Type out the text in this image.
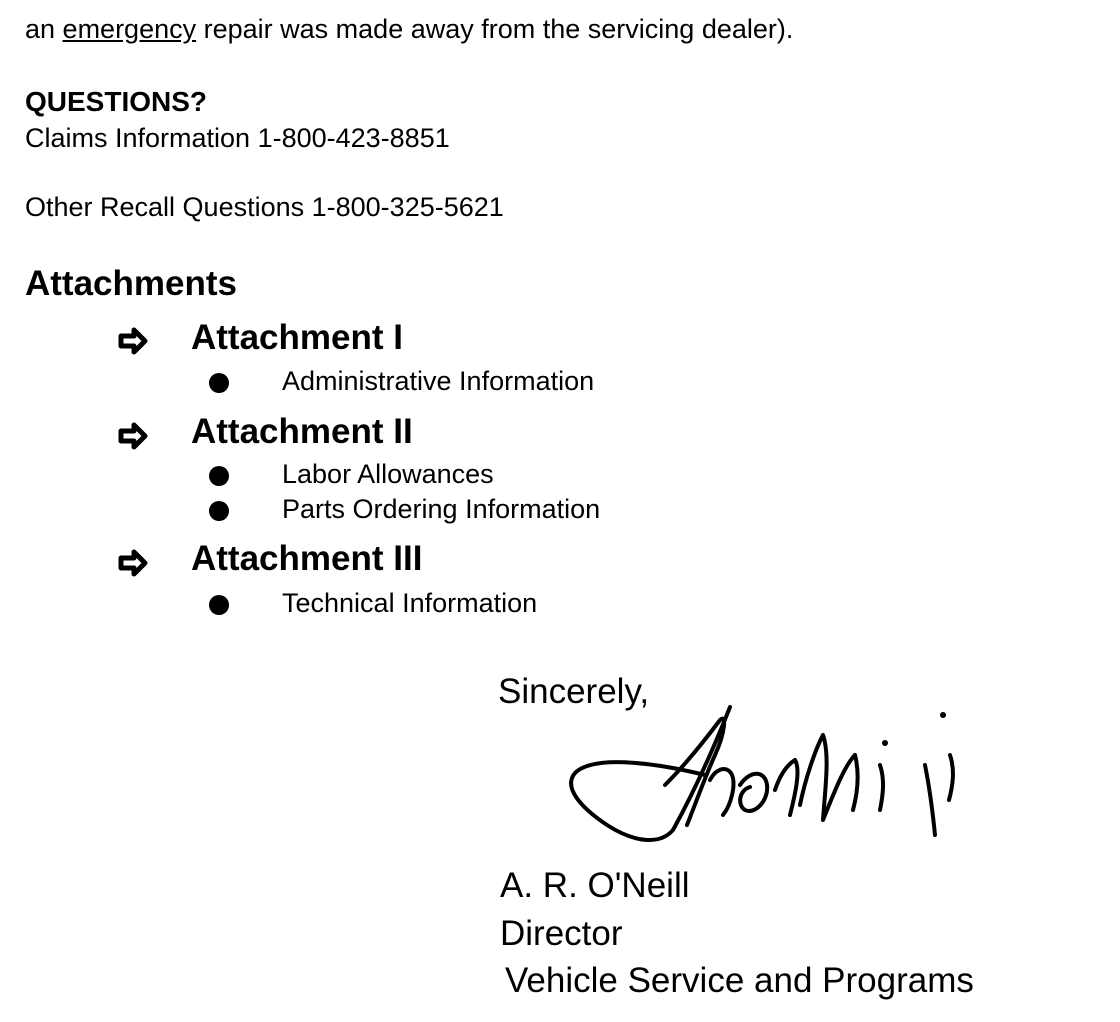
an emergency repair was made away from the servicing dealer).
QUESTIONS?
Claims Information 1-800-423-8851
Other Recall Questions 1-800-325-5621
Attachments
Attachment I
Administrative Information
Attachment II
Labor Allowances
Parts Ordering Information
Attachment III
Technical Information
Sincerely,
A. R. O'Neill
Director
Vehicle Service and Programs
